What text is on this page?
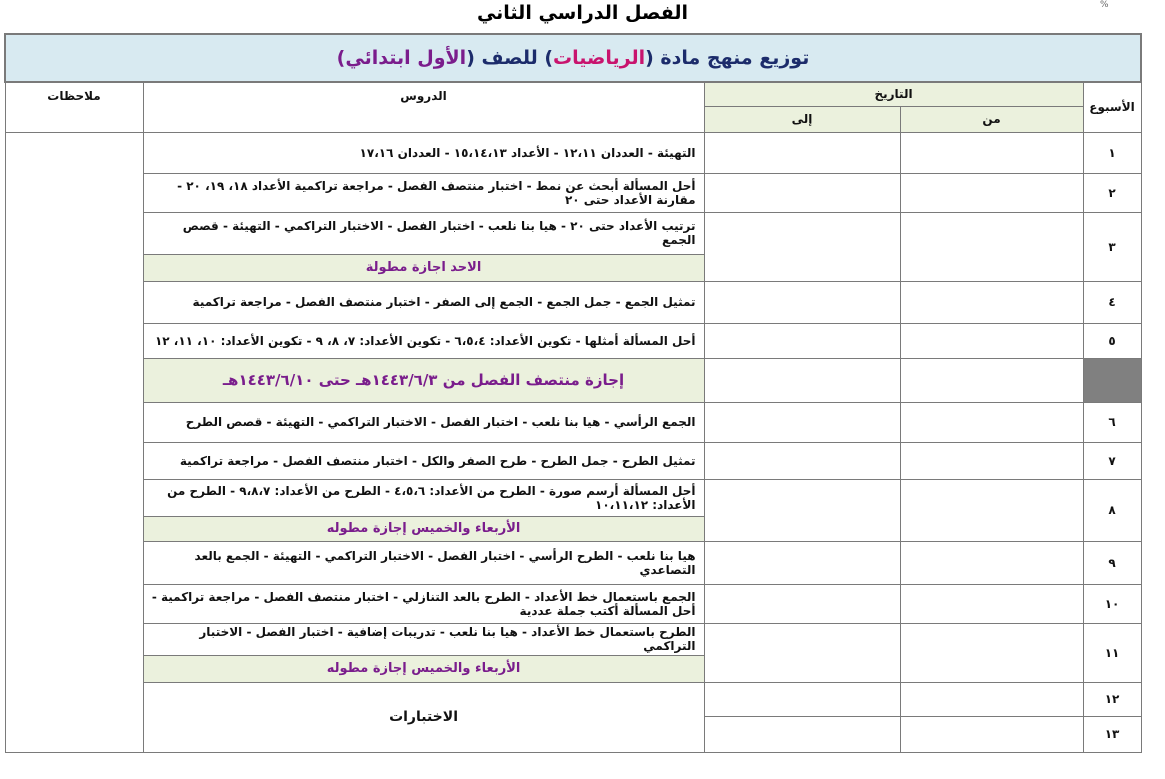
الفصل الدراسي الثاني	%
توزيع منهج مادة (الرياضيات) للصف (الأول ابتدائي)				
الأسبوع	التاريخ		الدروس	ملاحظات
	من	إلى		
١			التهيئة - العددان ١٢،١١ - الأعداد ١٥،١٤،١٣ - العددان ١٧،١٦	
٢			أحل المسألة أبحث عن نمط - اختبار منتصف الفصل - مراجعة تراكمية الأعداد ١٨، ١٩، ٢٠ - مقارنة الأعداد حتى ٢٠	
٣			ترتيب الأعداد حتى ٢٠ - هيا بنا نلعب - اختبار الفصل - الاختبار التراكمي - التهيئة - قصص الجمع	
			الاحد اجازة مطولة	
٤			تمثيل الجمع - جمل الجمع - الجمع إلى الصفر - اختبار منتصف الفصل - مراجعة تراكمية	
٥			أحل المسألة أمثلها - تكوين الأعداد: ٦،٥،٤ - تكوين الأعداد: ٧، ٨، ٩ - تكوين الأعداد: ١٠، ١١، ١٢	
			إجازة منتصف الفصل من ١٤٤٣/٦/٣هـ حتى ١٤٤٣/٦/١٠هـ	
٦			الجمع الرأسي - هيا بنا نلعب - اختبار الفصل - الاختبار التراكمي - التهيئة - قصص الطرح	
٧			تمثيل الطرح - جمل الطرح - طرح الصفر والكل - اختبار منتصف الفصل - مراجعة تراكمية	
٨			أحل المسألة أرسم صورة - الطرح من الأعداد: ٤،٥،٦ - الطرح من الأعداد: ٩،٨،٧ - الطرح من الأعداد: ١٠،١١،١٢	
			الأربعاء والخميس إجازة مطوله	
٩			هيا بنا نلعب - الطرح الرأسي - اختبار الفصل - الاختبار التراكمي - التهيئة - الجمع بالعد التصاعدي	
١٠			الجمع باستعمال خط الأعداد - الطرح بالعد التنازلي - اختبار منتصف الفصل - مراجعة تراكمية - أحل المسألة أكتب جملة عددية	
١١			الطرح باستعمال خط الأعداد - هيا بنا نلعب - تدريبات إضافية - اختبار الفصل - الاختبار التراكمي	
			الأربعاء والخميس إجازة مطوله	
١٢			الاختبارات	
١٣				
